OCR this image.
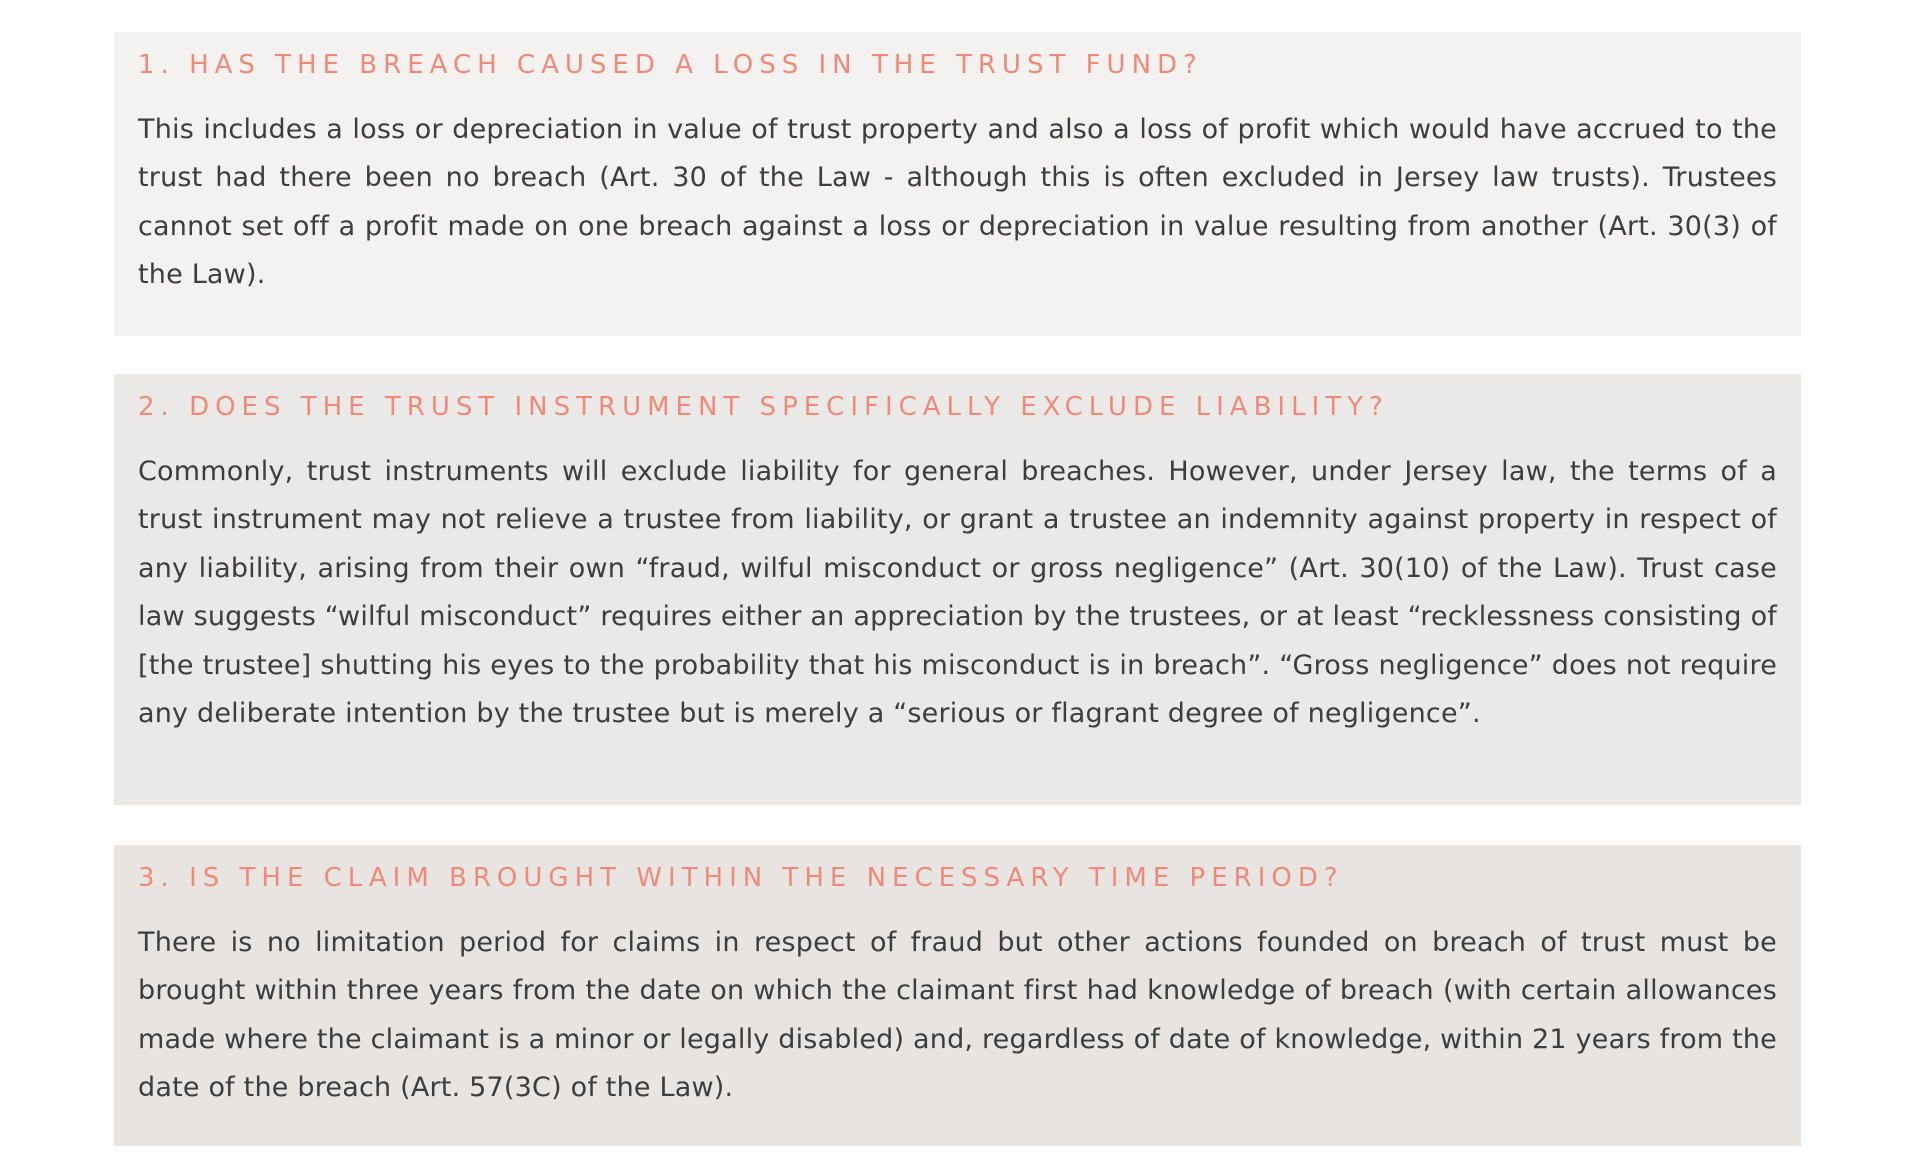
1. HAS THE BREACH CAUSED A LOSS IN THE TRUST FUND?

This includes a loss or depreciation in value of trust property and also a loss of profit which would have accrued to the trust had there been no breach (Art. 30 of the Law - although this is often excluded in Jersey law trusts). Trustees cannot set off a profit made on one breach against a loss or depreciation in value resulting from another (Art. 30(3) of the Law).

2. DOES THE TRUST INSTRUMENT SPECIFICALLY EXCLUDE LIABILITY?

Commonly, trust instruments will exclude liability for general breaches. However, under Jersey law, the terms of a trust instrument may not relieve a trustee from liability, or grant a trustee an indemnity against property in respect of any liability, arising from their own “fraud, wilful misconduct or gross negligence” (Art. 30(10) of the Law). Trust case law suggests “wilful misconduct” requires either an appreciation by the trustees, or at least “recklessness consisting of [the trustee] shutting his eyes to the probability that his misconduct is in breach”. “Gross negligence” does not require any deliberate intention by the trustee but is merely a “serious or flagrant degree of negligence”.

3. IS THE CLAIM BROUGHT WITHIN THE NECESSARY TIME PERIOD?

There is no limitation period for claims in respect of fraud but other actions founded on breach of trust must be brought within three years from the date on which the claimant first had knowledge of breach (with certain allowances made where the claimant is a minor or legally disabled) and, regardless of date of knowledge, within 21 years from the date of the breach (Art. 57(3C) of the Law).
